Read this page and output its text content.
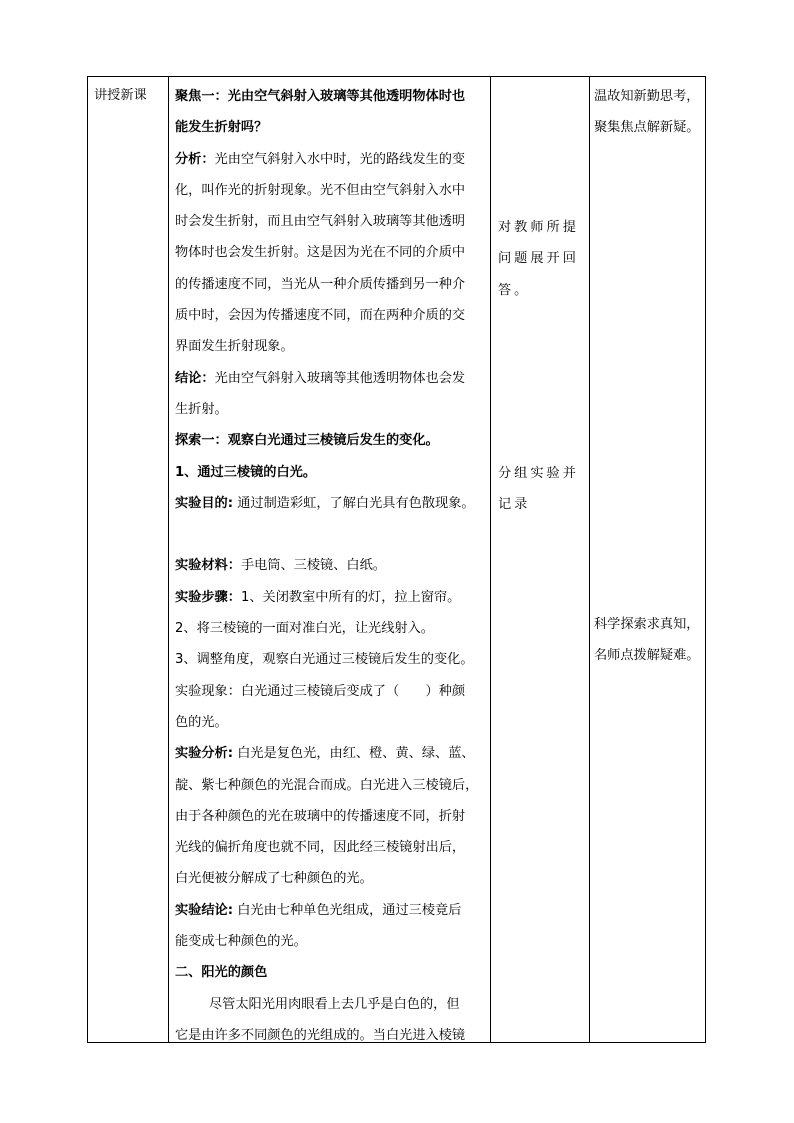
讲授新课 聚焦一：光由空气斜射入玻璃等其他透明物体时也
能发生折射吗？
分析：光由空气斜射入水中时，光的路线发生的变
化，叫作光的折射现象。光不但由空气斜射入水中
时会发生折射，而且由空气斜射入玻璃等其他透明
物体时也会发生折射。这是因为光在不同的介质中
的传播速度不同，当光从一种介质传播到另一种介
质中时，会因为传播速度不同，而在两种介质的交
界面发生折射现象。
结论：光由空气斜射入玻璃等其他透明物体也会发
生折射。
探索一：观察白光通过三棱镜后发生的变化。
1、通过三棱镜的白光。
实验目的: 通过制造彩虹，了解白光具有色散现象。
实验材料：手电筒、三棱镜、白纸。
实验步骤：1、关闭教室中所有的灯，拉上窗帘。
2、将三棱镜的一面对准白光，让光线射入。
3、调整角度，观察白光通过三棱镜后发生的变化。
实验现象：白光通过三棱镜后变成了（　　）种颜
色的光。
实验分析: 白光是复色光，由红、橙、黄、绿、蓝、
靛、紫七种颜色的光混合而成。白光进入三棱镜后，
由于各种颜色的光在玻璃中的传播速度不同，折射
光线的偏折角度也就不同，因此经三棱镜射出后，
白光便被分解成了七种颜色的光。
实验结论: 白光由七种单色光组成，通过三棱竟后
能变成七种颜色的光。
二、阳光的颜色
尽管太阳光用肉眼看上去几乎是白色的，但
它是由许多不同颜色的光组成的。当白光进入棱镜
对教师所提
问题展开回
答。
分组实验并
记录
温故知新勤思考，
聚集焦点解新疑。
科学探索求真知，
名师点拨解疑难。
